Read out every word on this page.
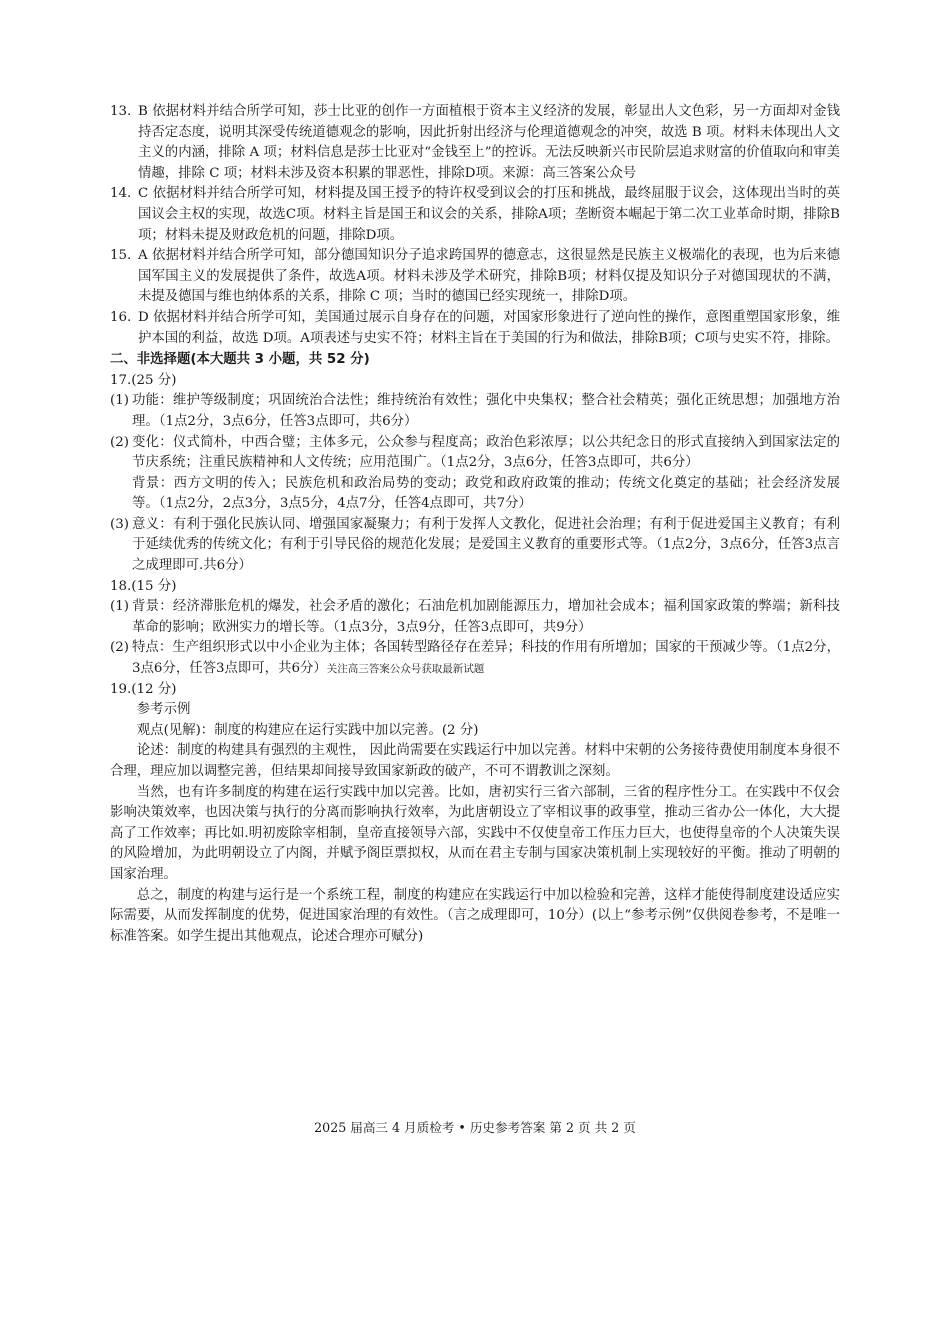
13. B 依据材料并结合所学可知，莎士比亚的创作一方面植根于资本主义经济的发展，彰显出人文色彩，另一方面却对金钱持否定态度，说明其深受传统道德观念的影响，因此折射出经济与伦理道德观念的冲突，故选 B 项。材料未体现出人文主义的内涵，排除 A 项；材料信息是莎士比亚对“金钱至上”的控诉。无法反映新兴市民阶层追求财富的价值取向和审美情趣，排除 C 项；材料未涉及资本积累的罪恶性，排除D项。来源：高三答案公众号
14. C 依据材料并结合所学可知，材料提及国王授予的特许权受到议会的打压和挑战，最终屈服于议会，这体现出当时的英国议会主权的实现，故选C项。材料主旨是国王和议会的关系，排除A项；垄断资本崛起于第二次工业革命时期，排除B项；材料未提及财政危机的问题，排除D项。
15. A 依据材料并结合所学可知，部分德国知识分子追求跨国界的德意志，这很显然是民族主义极端化的表现，也为后来德国军国主义的发展提供了条件，故选A项。材料未涉及学术研究，排除B项；材料仅提及知识分子对德国现状的不满，未提及德国与维也纳体系的关系，排除 C 项；当时的德国已经实现统一，排除D项。
16. D 依据材料并结合所学可知，美国通过展示自身存在的问题，对国家形象进行了逆向性的操作，意图重塑国家形象，维护本国的利益，故选 D项。A项表述与史实不符；材料主旨在于美国的行为和做法，排除B项；C项与史实不符，排除。
二、非选择题(本大题共 3 小题，共 52 分)
17.(25 分)
(1) 功能：维护等级制度；巩固统治合法性；维持统治有效性；强化中央集权；整合社会精英；强化正统思想；加强地方治理。（1点2分，3点6分，任答3点即可，共6分）
(2) 变化：仪式简朴，中西合璧；主体多元，公众参与程度高；政治色彩浓厚；以公共纪念日的形式直接纳入到国家法定的节庆系统；注重民族精神和人文传统；应用范围广。（1点2分，3点6分，任答3点即可，共6分）
背景：西方文明的传入；民族危机和政治局势的变动；政党和政府政策的推动；传统文化奠定的基础；社会经济发展等。（1点2分，2点3分，3点5分，4点7分，任答4点即可，共7分）
(3) 意义：有利于强化民族认同、增强国家凝聚力；有利于发挥人文教化，促进社会治理；有利于促进爱国主义教育；有利于延续优秀的传统文化；有利于引导民俗的规范化发展；是爱国主义教育的重要形式等。（1点2分，3点6分，任答3点言之成理即可.共6分）
18.(15 分)
(1) 背景：经济滞胀危机的爆发，社会矛盾的激化；石油危机加剧能源压力，增加社会成本；福利国家政策的弊端；新科技革命的影响；欧洲实力的增长等。（1点3分，3点9分，任答3点即可，共9分）
(2) 特点：生产组织形式以中小企业为主体；各国转型路径存在差异；科技的作用有所增加；国家的干预减少等。（1点2分，3点6分，任答3点即可，共6分）关注高三答案公众号获取最新试题
19.(12 分)
参考示例
观点(见解)：制度的构建应在运行实践中加以完善。(2 分)

论述：制度的构建具有强烈的主观性， 因此尚需要在实践运行中加以完善。材料中宋朝的公务接待费使用制度本身很不合理，理应加以调整完善，但结果却间接导致国家新政的破产，不可不谓教训之深刻。

当然，也有许多制度的构建在运行实践中加以完善。比如，唐初实行三省六部制，三省的程序性分工。在实践中不仅会影响决策效率，也因决策与执行的分离而影响执行效率，为此唐朝设立了宰相议事的政事堂，推动三省办公一体化，大大提高了工作效率；再比如.明初废除宰相制，皇帝直接领导六部，实践中不仅使皇帝工作压力巨大，也使得皇帝的个人决策失误的风险增加，为此明朝设立了内阁，并赋予阁臣票拟权，从而在君主专制与国家决策机制上实现较好的平衡。推动了明朝的国家治理。

总之，制度的构建与运行是一个系统工程，制度的构建应在实践运行中加以检验和完善，这样才能使得制度建设适应实际需要，从而发挥制度的优势，促进国家治理的有效性。（言之成理即可，10分）(以上“参考示例”仅供阅卷参考，不是唯一标准答案。如学生提出其他观点，论述合理亦可赋分)

2025 届高三 4 月质检考 • 历史参考答案 第 2 页 共 2 页
